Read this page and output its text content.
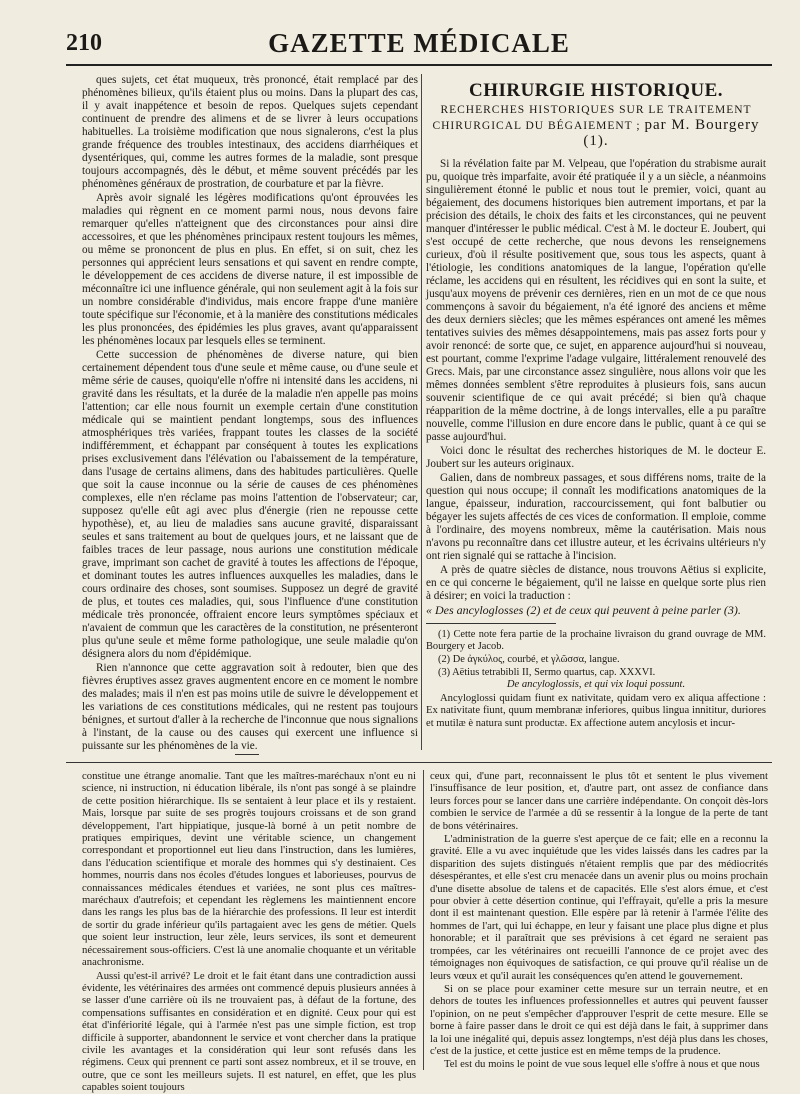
210	GAZETTE MÉDICALE

ques sujets, cet état muqueux, très prononcé, était remplacé par des phénomènes bilieux, qu'ils étaient plus ou moins. Dans la plupart des cas, il y avait inappétence et besoin de repos. Quelques sujets cependant continuent de prendre des alimens et de se livrer à leurs occupations habituelles. La troisième modification que nous signalerons, c'est la plus grande fréquence des troubles intestinaux, des accidens diarrhéiques et dysentériques, qui, comme les autres formes de la maladie, sont presque toujours accompagnés, dès le début, et même souvent précédés par les phénomènes généraux de prostration, de courbature et par la fièvre.

Après avoir signalé les légères modifications qu'ont éprouvées les maladies qui règnent en ce moment parmi nous, nous devons faire remarquer qu'elles n'atteignent que des circonstances pour ainsi dire accessoires, et que les phénomènes principaux restent toujours les mêmes, ou même se prononcent de plus en plus. En effet, si on suit, chez les personnes qui apprécient leurs sensations et qui savent en rendre compte, le développement de ces accidens de diverse nature, il est impossible de méconnaître ici une influence générale, qui non seulement agit à la fois sur un nombre considérable d'individus, mais encore frappe d'une manière toute spécifique sur l'économie, et à la manière des constitutions médicales les plus prononcées, des épidémies les plus graves, avant qu'apparaissent les phénomènes locaux par lesquels elles se terminent.

Cette succession de phénomènes de diverse nature, qui bien certainement dépendent tous d'une seule et même cause, ou d'une seule et même série de causes, quoiqu'elle n'offre ni intensité dans les accidens, ni gravité dans les résultats, et la durée de la maladie n'en appelle pas moins l'attention; car elle nous fournit un exemple certain d'une constitution médicale qui se maintient pendant longtemps, sous des influences atmosphériques très variées, frappant toutes les classes de la société indifféremment, et échappant par conséquent à toutes les explications prises exclusivement dans l'élévation ou l'abaissement de la température, dans l'usage de certains alimens, dans des habitudes particulières. Quelle que soit la cause inconnue ou la série de causes de ces phénomènes complexes, elle n'en réclame pas moins l'attention de l'observateur; car, supposez qu'elle eût agi avec plus d'énergie (rien ne repousse cette hypothèse), et, au lieu de maladies sans aucune gravité, disparaissant seules et sans traitement au bout de quelques jours, et ne laissant que de faibles traces de leur passage, nous aurions une constitution médicale grave, imprimant son cachet de gravité à toutes les affections de l'époque, et dominant toutes les autres influences auxquelles les maladies, dans le cours ordinaire des choses, sont soumises. Supposez un degré de gravité de plus, et toutes ces maladies, qui, sous l'influence d'une constitution médicale très prononcée, offraient encore leurs symptômes spéciaux et n'avaient de commun que les caractères de la constitution, ne présenteront plus qu'une seule et même forme pathologique, une seule maladie qu'on désignera alors du nom d'épidémique.

Rien n'annonce que cette aggravation soit à redouter, bien que des fièvres éruptives assez graves augmentent encore en ce moment le nombre des malades; mais il n'en est pas moins utile de suivre le développement et les variations de ces constitutions médicales, qui ne restent pas toujours bénignes, et surtout d'aller à la recherche de l'inconnue que nous signalions à l'instant, de la cause ou des causes qui exercent une influence si puissante sur les phénomènes de la vie.

CHIRURGIE HISTORIQUE.
RECHERCHES HISTORIQUES SUR LE TRAITEMENT CHIRURGICAL DU BÉGAIEMENT ; par M. Bourgery (1).

Si la révélation faite par M. Velpeau, que l'opération du strabisme aurait pu, quoique très imparfaite, avoir été pratiquée il y a un siècle, a néanmoins singulièrement étonné le public et nous tout le premier, voici, quant au bégaiement, des documens historiques bien autrement importans, et par la précision des détails, le choix des faits et les circonstances, qui ne peuvent manquer d'intéresser le public médical. C'est à M. le docteur E. Joubert, qui s'est occupé de cette recherche, que nous devons les renseignemens curieux, d'où il résulte positivement que, sous tous les aspects, quant à l'étiologie, les conditions anatomiques de la langue, l'opération qu'elle réclame, les accidens qui en résultent, les récidives qui en sont la suite, et jusqu'aux moyens de prévenir ces dernières, rien en un mot de ce que nous commençons à savoir du bégaiement, n'a été ignoré des anciens et même des deux derniers siècles; que les mêmes espérances ont amené les mêmes tentatives suivies des mêmes désappointemens, mais pas assez forts pour y avoir renoncé: de sorte que, ce sujet, en apparence aujourd'hui si nouveau, est pourtant, comme l'exprime l'adage vulgaire, littéralement renouvelé des Grecs. Mais, par une circonstance assez singulière, nous allons voir que les mêmes données semblent s'être reproduites à plusieurs fois, sans aucun souvenir scientifique de ce qui avait précédé; si bien qu'à chaque réapparition de la même doctrine, à de longs intervalles, elle a pu paraître nouvelle, comme l'illusion en dure encore dans le public, quant à ce qui se passe aujourd'hui.

Voici donc le résultat des recherches historiques de M. le docteur E. Joubert sur les auteurs originaux.

Galien, dans de nombreux passages, et sous différens noms, traite de la question qui nous occupe; il connaît les modifications anatomiques de la langue, épaisseur, induration, raccourcissement, qui font balbutier ou bégayer les sujets affectés de ces vices de conformation. Il emploie, comme à l'ordinaire, des moyens nombreux, même la cautérisation. Mais nous n'avons pu reconnaître dans cet illustre auteur, et les écrivains ultérieurs n'y ont rien signalé qui se rattache à l'incision.

A près de quatre siècles de distance, nous trouvons Aëtius si explicite, en ce qui concerne le bégaiement, qu'il ne laisse en quelque sorte plus rien à désirer; en voici la traduction :

« Des ancyloglosses (2) et de ceux qui peuvent à peine parler (3).

(1) Cette note fera partie de la prochaine livraison du grand ouvrage de MM. Bourgery et Jacob.

(2) De ἀγκύλος, courbé, et γλῶσσα, langue.

(3) Aëtius tetrabibli II, Sermo quartus, cap. XXXVI.

De ancyloglossis, et qui vix loqui possunt.

Ancyloglossi quidam fiunt ex nativitate, quidam vero ex aliqua affectione : Ex nativitate fiunt, quum membranæ inferiores, quibus lingua innititur, duriores et mutilæ è natura sunt productæ. Ex affectione autem ancylosis et incur-

constitue une étrange anomalie. Tant que les maîtres-maréchaux n'ont eu ni science, ni instruction, ni éducation libérale, ils n'ont pas songé à se plaindre de cette position hiérarchique. Ils se sentaient à leur place et ils y restaient. Mais, lorsque par suite de ses progrès toujours croissans et de son grand développement, l'art hippiatique, jusque-là borné à un petit nombre de pratiques empiriques, devint une véritable science, un changement correspondant et proportionnel eut lieu dans l'instruction, dans les lumières, dans l'éducation scientifique et morale des hommes qui s'y destinaient. Ces hommes, nourris dans nos écoles d'études longues et laborieuses, pourvus de connaissances médicales étendues et variées, ne sont plus ces maîtres-maréchaux d'autrefois; et cependant les règlemens les maintiennent encore dans les rangs les plus bas de la hiérarchie des professions. Il leur est interdit de sortir du grade inférieur qu'ils partagaient avec les gens de métier. Quels que soient leur instruction, leur zèle, leurs services, ils sont et demeurent nécessairement sous-officiers. C'est là une anomalie choquante et un véritable anachronisme.

Aussi qu'est-il arrivé? Le droit et le fait étant dans une contradiction aussi évidente, les vétérinaires des armées ont commencé depuis plusieurs années à se lasser d'une carrière où ils ne trouvaient pas, à défaut de la fortune, des compensations suffisantes en considération et en dignité. Ceux pour qui est état d'infériorité légale, qui à l'armée n'est pas une simple fiction, est trop difficile à supporter, abandonnent le service et vont chercher dans la pratique civile les avantages et la considération qui leur sont refusés dans les régimens. Ceux qui prennent ce parti sont assez nombreux, et il se trouve, en outre, que ce sont les meilleurs sujets. Il est naturel, en effet, que les plus capables soient toujours

ceux qui, d'une part, reconnaissent le plus tôt et sentent le plus vivement l'insuffisance de leur position, et, d'autre part, ont assez de confiance dans leurs forces pour se lancer dans une carrière indépendante. On conçoit dès-lors combien le service de l'armée a dû se ressentir à la longue de la perte de tant de bons vétérinaires.

L'administration de la guerre s'est aperçue de ce fait; elle en a reconnu la gravité. Elle a vu avec inquiétude que les vides laissés dans les cadres par la disparition des sujets distingués n'étaient remplis que par des médiocrités désespérantes, et elle s'est cru menacée dans un avenir plus ou moins prochain d'une disette absolue de talens et de capacités. Elle s'est alors émue, et c'est pour obvier à cette désertion continue, qui l'effrayait, qu'elle a pris la mesure dont il est maintenant question. Elle espère par là retenir à l'armée l'élite des hommes de l'art, qui lui échappe, en leur y faisant une place plus digne et plus honorable; et il paraîtrait que ses prévisions à cet égard ne seraient pas trompées, car les vétérinaires ont recueilli l'annonce de ce projet avec des témoignages non équivoques de satisfaction, ce qui prouve qu'il réalise un de leurs vœux et qu'il aurait les conséquences qu'en attend le gouvernement.

Si on se place pour examiner cette mesure sur un terrain neutre, et en dehors de toutes les influences professionnelles et autres qui peuvent fausser l'opinion, on ne peut s'empêcher d'approuver l'esprit de cette mesure. Elle se borne à faire passer dans le droit ce qui est déjà dans le fait, à supprimer dans la loi une inégalité qui, depuis assez longtemps, n'est déjà plus dans les choses, c'est de la justice, et cette justice est en même temps de la prudence.

Tel est du moins le point de vue sous lequel elle s'offre à nous et que nous
